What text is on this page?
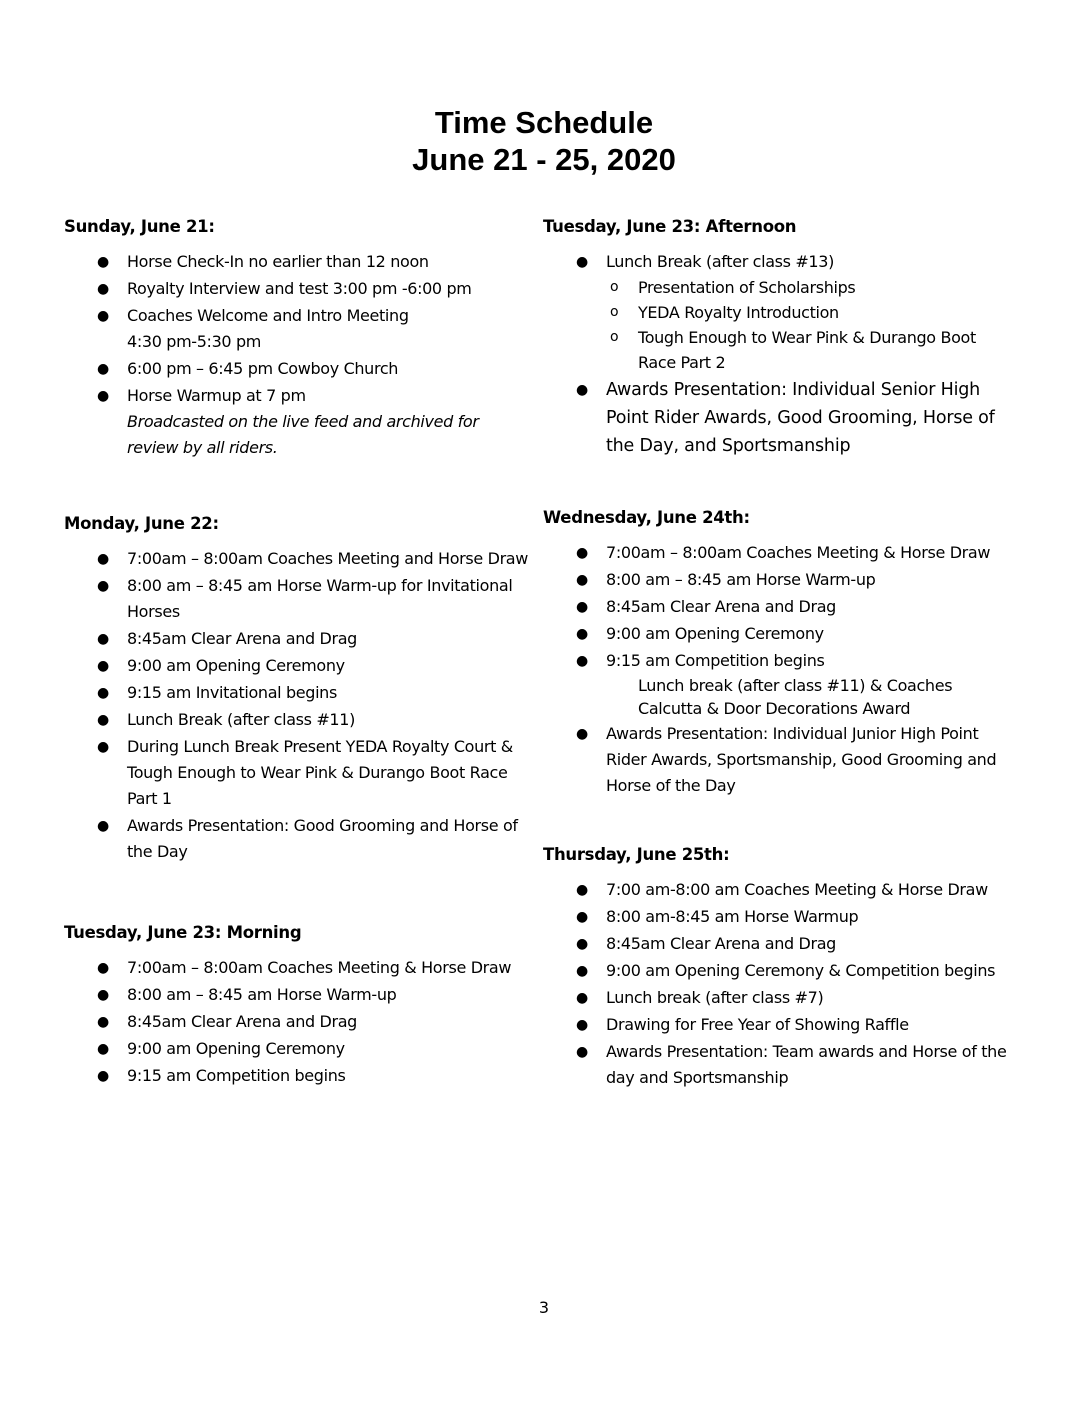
Time Schedule
June 21 - 25, 2020
Sunday, June 21:
● Horse Check-In no earlier than 12 noon
● Royalty Interview and test 3:00 pm -6:00 pm
● Coaches Welcome and Intro Meeting
4:30 pm-5:30 pm
● 6:00 pm – 6:45 pm Cowboy Church
● Horse Warmup at 7 pm
Broadcasted on the live feed and archived for review by all riders.
Monday, June 22:
● 7:00am – 8:00am Coaches Meeting and Horse Draw
● 8:00 am – 8:45 am Horse Warm-up for Invitational Horses
● 8:45am Clear Arena and Drag
● 9:00 am Opening Ceremony
● 9:15 am Invitational begins
● Lunch Break (after class #11)
● During Lunch Break Present YEDA Royalty Court & Tough Enough to Wear Pink & Durango Boot Race Part 1
● Awards Presentation: Good Grooming and Horse of the Day
Tuesday, June 23: Morning
● 7:00am – 8:00am Coaches Meeting & Horse Draw
● 8:00 am – 8:45 am Horse Warm-up
● 8:45am Clear Arena and Drag
● 9:00 am Opening Ceremony
● 9:15 am Competition begins
Tuesday, June 23: Afternoon
● Lunch Break (after class #13)
o Presentation of Scholarships
o YEDA Royalty Introduction
o Tough Enough to Wear Pink & Durango Boot Race Part 2
● Awards Presentation: Individual Senior High Point Rider Awards, Good Grooming, Horse of the Day, and Sportsmanship
Wednesday, June 24th:
● 7:00am – 8:00am Coaches Meeting & Horse Draw
● 8:00 am – 8:45 am Horse Warm-up
● 8:45am Clear Arena and Drag
● 9:00 am Opening Ceremony
● 9:15 am Competition begins
Lunch break (after class #11) & Coaches Calcutta & Door Decorations Award
● Awards Presentation: Individual Junior High Point Rider Awards, Sportsmanship, Good Grooming and Horse of the Day
Thursday, June 25th:
● 7:00 am-8:00 am Coaches Meeting & Horse Draw
● 8:00 am-8:45 am Horse Warmup
● 8:45am Clear Arena and Drag
● 9:00 am Opening Ceremony & Competition begins
● Lunch break (after class #7)
● Drawing for Free Year of Showing Raffle
● Awards Presentation: Team awards and Horse of the day and Sportsmanship
3
